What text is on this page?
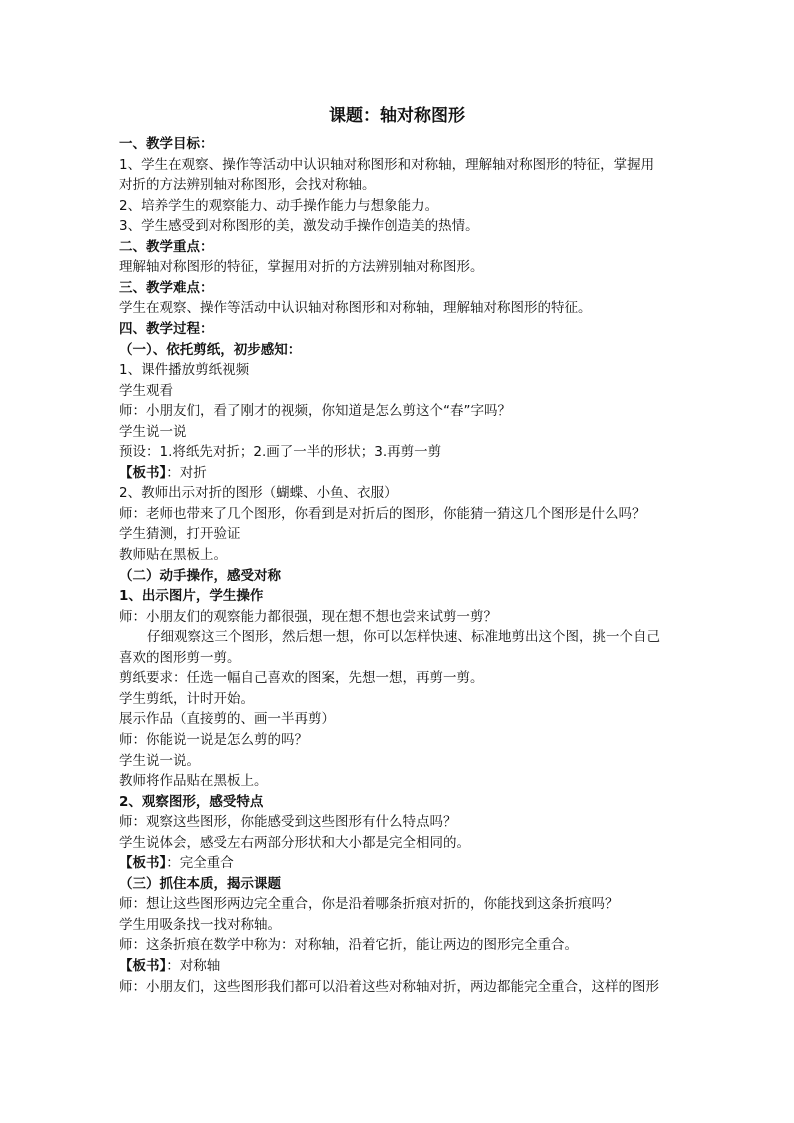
课题：轴对称图形
一、教学目标：
1、学生在观察、操作等活动中认识轴对称图形和对称轴，理解轴对称图形的特征，掌握用
对折的方法辨别轴对称图形，会找对称轴。
2、培养学生的观察能力、动手操作能力与想象能力。
3、学生感受到对称图形的美，激发动手操作创造美的热情。
二、教学重点：
理解轴对称图形的特征，掌握用对折的方法辨别轴对称图形。
三、教学难点：
学生在观察、操作等活动中认识轴对称图形和对称轴，理解轴对称图形的特征。
四、教学过程：
（一）、依托剪纸，初步感知：
1、课件播放剪纸视频
学生观看
师：小朋友们，看了刚才的视频，你知道是怎么剪这个“春”字吗？
学生说一说
预设：1.将纸先对折；2.画了一半的形状；3.再剪一剪
【板书】：对折
2、教师出示对折的图形（蝴蝶、小鱼、衣服）
师：老师也带来了几个图形，你看到是对折后的图形，你能猜一猜这几个图形是什么吗？
学生猜测，打开验证
教师贴在黑板上。
（二）动手操作，感受对称
1、出示图片，学生操作
师：小朋友们的观察能力都很强，现在想不想也尝来试剪一剪？
仔细观察这三个图形，然后想一想，你可以怎样快速、标准地剪出这个图，挑一个自己
喜欢的图形剪一剪。
剪纸要求：任选一幅自己喜欢的图案，先想一想，再剪一剪。
学生剪纸，计时开始。
展示作品（直接剪的、画一半再剪）
师：你能说一说是怎么剪的吗？
学生说一说。
教师将作品贴在黑板上。
2、观察图形，感受特点
师：观察这些图形，你能感受到这些图形有什么特点吗？
学生说体会，感受左右两部分形状和大小都是完全相同的。
【板书】：完全重合
（三）抓住本质，揭示课题
师：想让这些图形两边完全重合，你是沿着哪条折痕对折的，你能找到这条折痕吗？
学生用吸条找一找对称轴。
师：这条折痕在数学中称为：对称轴，沿着它折，能让两边的图形完全重合。
【板书】：对称轴
师：小朋友们，这些图形我们都可以沿着这些对称轴对折，两边都能完全重合，这样的图形
